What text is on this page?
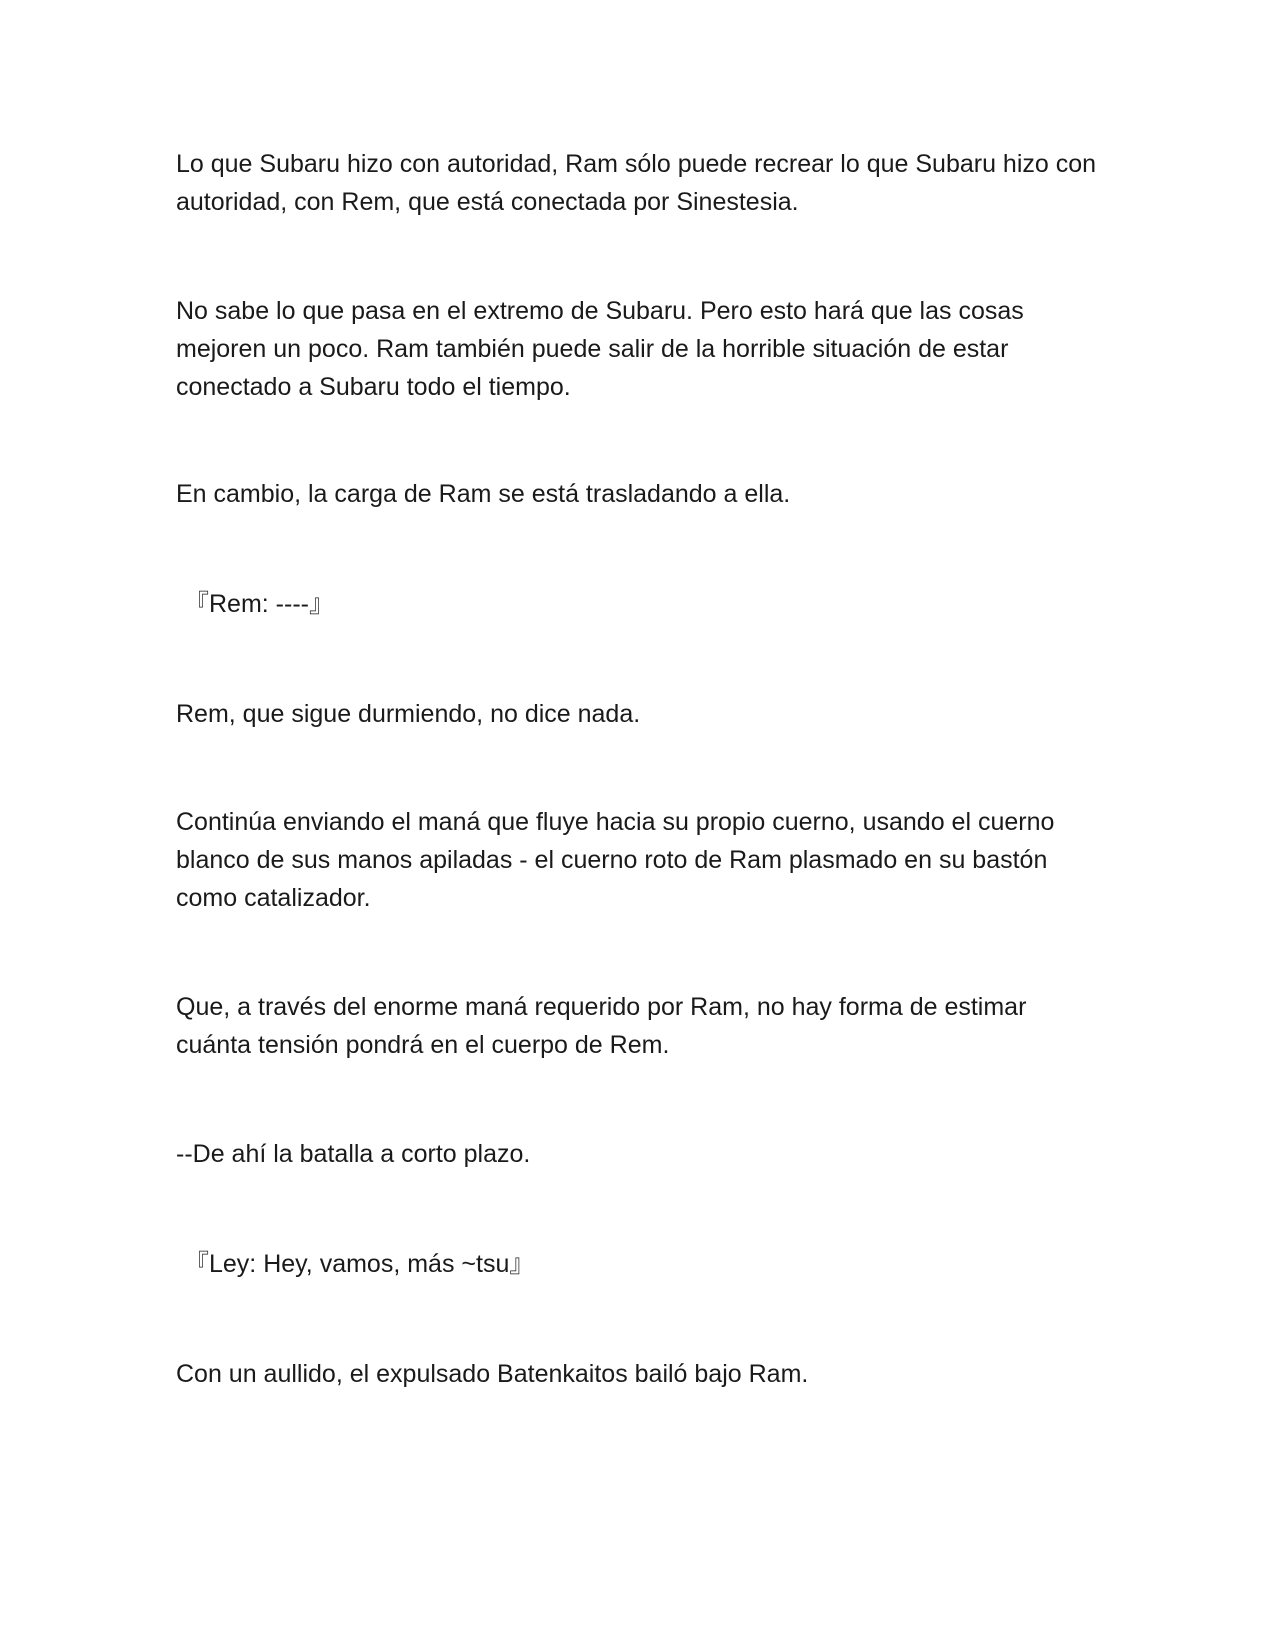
Lo que Subaru hizo con autoridad, Ram sólo puede recrear lo que Subaru hizo con autoridad, con Rem, que está conectada por Sinestesia.

No sabe lo que pasa en el extremo de Subaru. Pero esto hará que las cosas mejoren un poco. Ram también puede salir de la horrible situación de estar conectado a Subaru todo el tiempo.

En cambio, la carga de Ram se está trasladando a ella.

『Rem: ----』

Rem, que sigue durmiendo, no dice nada.

Continúa enviando el maná que fluye hacia su propio cuerno, usando el cuerno blanco de sus manos apiladas - el cuerno roto de Ram plasmado en su bastón como catalizador.

Que, a través del enorme maná requerido por Ram, no hay forma de estimar cuánta tensión pondrá en el cuerpo de Rem.

--De ahí la batalla a corto plazo.

『Ley: Hey, vamos, más ~tsu』

Con un aullido, el expulsado Batenkaitos bailó bajo Ram.
